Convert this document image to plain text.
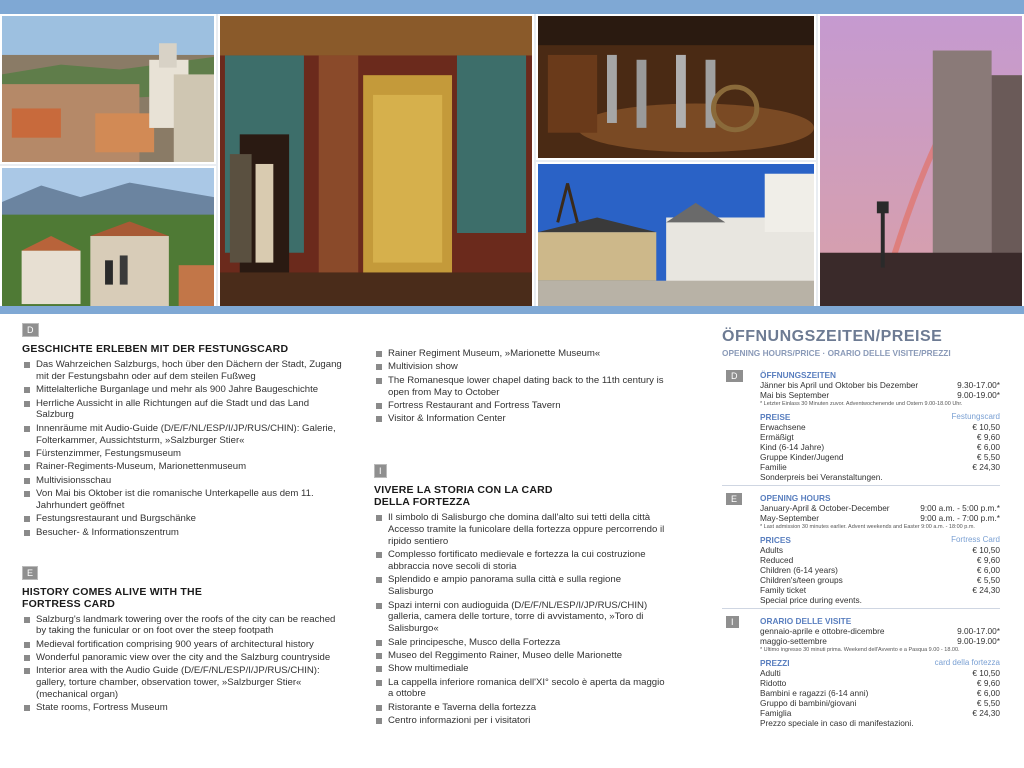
D
GESCHICHTE ERLEBEN MIT DER FESTUNGSCARD
Das Wahrzeichen Salzburgs, hoch über den Dächern der Stadt, Zugang mit der Festungsbahn oder auf dem steilen Fußweg
Mittelalterliche Burganlage und mehr als 900 Jahre Baugeschichte
Herrliche Aussicht in alle Richtungen auf die Stadt und das Land Salzburg
Innenräume mit Audio-Guide (D/E/F/NL/ESP/I/JP/RUS/CHIN): Galerie, Folterkammer, Aussichtsturm, »Salzburger Stier«
Fürstenzimmer, Festungsmuseum
Rainer-Regiments-Museum, Marionettenmuseum
Multivisionsschau
Von Mai bis Oktober ist die romanische Unterkapelle aus dem 11. Jahrhundert geöffnet
Festungsrestaurant und Burgschänke
Besucher- & Informationszentrum
E
HISTORY COMES ALIVE WITH THE FORTRESS CARD
Salzburg's landmark towering over the roofs of the city can be reached by taking the funicular or on foot over the steep footpath
Medieval fortification comprising 900 years of architectural history
Wonderful panoramic view over the city and the Salzburg countryside
Interior area with the Audio Guide (D/E/F/NL/ESP/I/JP/RUS/CHIN): gallery, torture chamber, observation tower, »Salzburger Stier« (mechanical organ)
State rooms, Fortress Museum
Rainer Regiment Museum, »Marionette Museum«
Multivision show
The Romanesque lower chapel dating back to the 11th century is open from May to October
Fortress Restaurant and Fortress Tavern
Visitor & Information Center
I
VIVERE LA STORIA CON LA CARD DELLA FORTEZZA
Il simbolo di Salisburgo che domina dall'alto sui tetti della città Accesso tramite la funicolare della fortezza oppure percorrendo il ripido sentiero
Complesso fortificato medievale e fortezza la cui costruzione abbraccia nove secoli di storia
Splendido e ampio panorama sulla città e sulla regione Salisburgo
Spazi interni con audioguida (D/E/F/NL/ESP/I/JP/RUS/CHIN) galleria, camera delle torture, torre di avvistamento, »Toro di Salisburgo«
Sale principesche, Musco della Fortezza
Museo del Reggimento Rainer, Museo delle Marionette
Show multimediale
La cappella inferiore romanica dell'XI° secolo è aperta da maggio a ottobre
Ristorante e Taverna della fortezza
Centro informazioni per i visitatori
ÖFFNUNGSZEITEN/PREISE
OPENING HOURS/PRICE · ORARIO DELLE VISITE/PREZZI
D	ÖFFNUNGSZEITEN
Jänner bis April und Oktober bis Dezember	9.30-17.00*
Mai bis September	9.00-19.00*
* Letzter Einlass 30 Minuten zuvor. Adventwochenende und Ostern 9.00-18.00 Uhr.
PREISE	Festungscard
Erwachsene	€ 10,50
Ermäßigt	€ 9,60
Kind (6-14 Jahre)	€ 6,00
Gruppe Kinder/Jugend	€ 5,50
Familie	€ 24,30
Sonderpreis bei Veranstaltungen.
E	OPENING HOURS
January-April & October-December	9:00 a.m. - 5:00 p.m.*
May-September	9:00 a.m. - 7:00 p.m.*
* Last admission 30 minutes earlier. Advent weekends and Easter 9:00 a.m. - 18:00 p.m.
PRICES	Fortress Card
Adults	€ 10,50
Reduced	€ 9,60
Children (6-14 years)	€ 6,00
Children's/teen groups	€ 5,50
Family ticket	€ 24,30
Special price during events.
I	ORARIO DELLE VISITE
gennaio-aprile e ottobre-dicembre	9.00-17.00*
maggio-settembre	9.00-19.00*
* Ultimo ingresso 30 minuti prima. Weekend dell'Avvento e a Pasqua 9.00 - 18.00.
PREZZI	card della fortezza
Adulti	€ 10,50
Ridotto	€ 9,60
Bambini e ragazzi (6-14 anni)	€ 6,00
Gruppo di bambini/giovani	€ 5,50
Famiglia	€ 24,30
Prezzo speciale in caso di manifestazioni.
